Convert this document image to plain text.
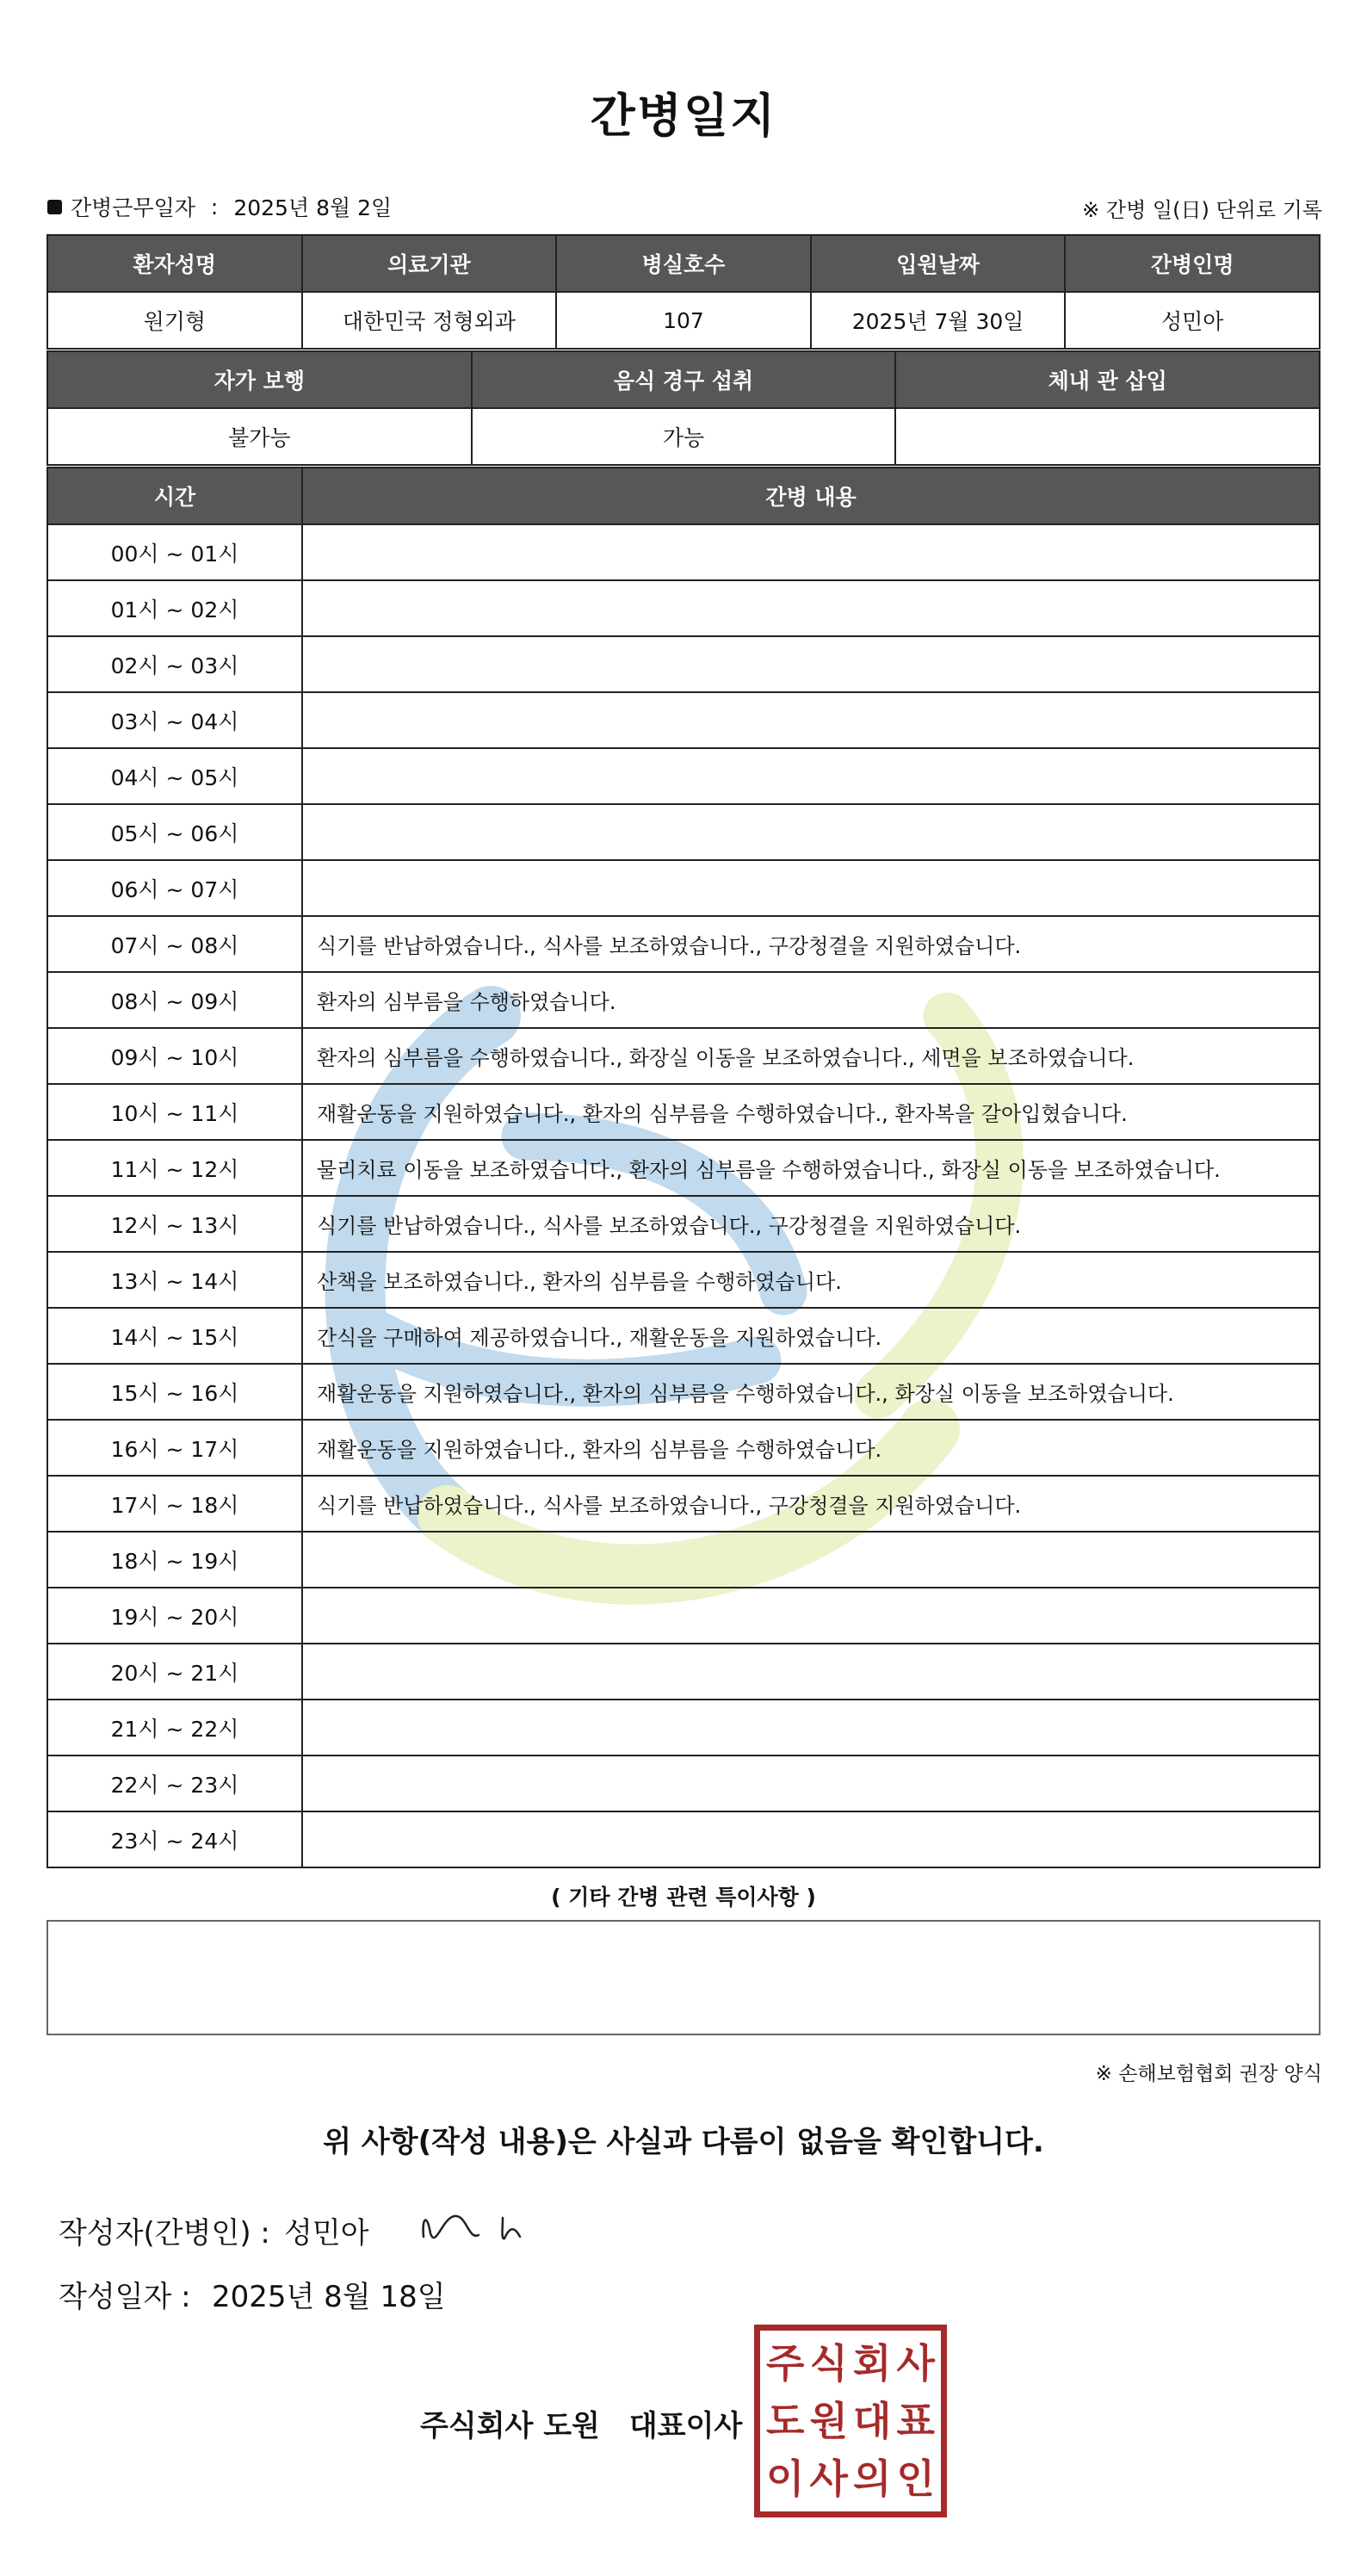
간병일지
간병근무일자 : 2025년 8월 2일	※ 간병 일(日) 단위로 기록
환자성명	의료기관	병실호수	입원날짜	간병인명
원기형	대한민국 정형외과	107	2025년 7월 30일	성민아
자가 보행	음식 경구 섭취	체내 관 삽입
불가능	가능	
시간	간병 내용
00시 ~ 01시	
01시 ~ 02시	
02시 ~ 03시	
03시 ~ 04시	
04시 ~ 05시	
05시 ~ 06시	
06시 ~ 07시	
07시 ~ 08시	식기를 반납하였습니다., 식사를 보조하였습니다., 구강청결을 지원하였습니다.
08시 ~ 09시	환자의 심부름을 수행하였습니다.
09시 ~ 10시	환자의 심부름을 수행하였습니다., 화장실 이동을 보조하였습니다., 세면을 보조하였습니다.
10시 ~ 11시	재활운동을 지원하였습니다., 환자의 심부름을 수행하였습니다., 환자복을 갈아입혔습니다.
11시 ~ 12시	물리치료 이동을 보조하였습니다., 환자의 심부름을 수행하였습니다., 화장실 이동을 보조하였습니다.
12시 ~ 13시	식기를 반납하였습니다., 식사를 보조하였습니다., 구강청결을 지원하였습니다.
13시 ~ 14시	산책을 보조하였습니다., 환자의 심부름을 수행하였습니다.
14시 ~ 15시	간식을 구매하여 제공하였습니다., 재활운동을 지원하였습니다.
15시 ~ 16시	재활운동을 지원하였습니다., 환자의 심부름을 수행하였습니다., 화장실 이동을 보조하였습니다.
16시 ~ 17시	재활운동을 지원하였습니다., 환자의 심부름을 수행하였습니다.
17시 ~ 18시	식기를 반납하였습니다., 식사를 보조하였습니다., 구강청결을 지원하였습니다.
18시 ~ 19시	
19시 ~ 20시	
20시 ~ 21시	
21시 ~ 22시	
22시 ~ 23시	
23시 ~ 24시	
( 기타 간병 관련 특이사항 )
※ 손해보험협회 권장 양식
위 사항(작성 내용)은 사실과 다름이 없음을 확인합니다.
작성자(간병인) : 성민아
작성일자 : 2025년 8월 18일
주식회사 도원 대표이사
주 식 회 사
도 원 대 표
이 사 의 인
